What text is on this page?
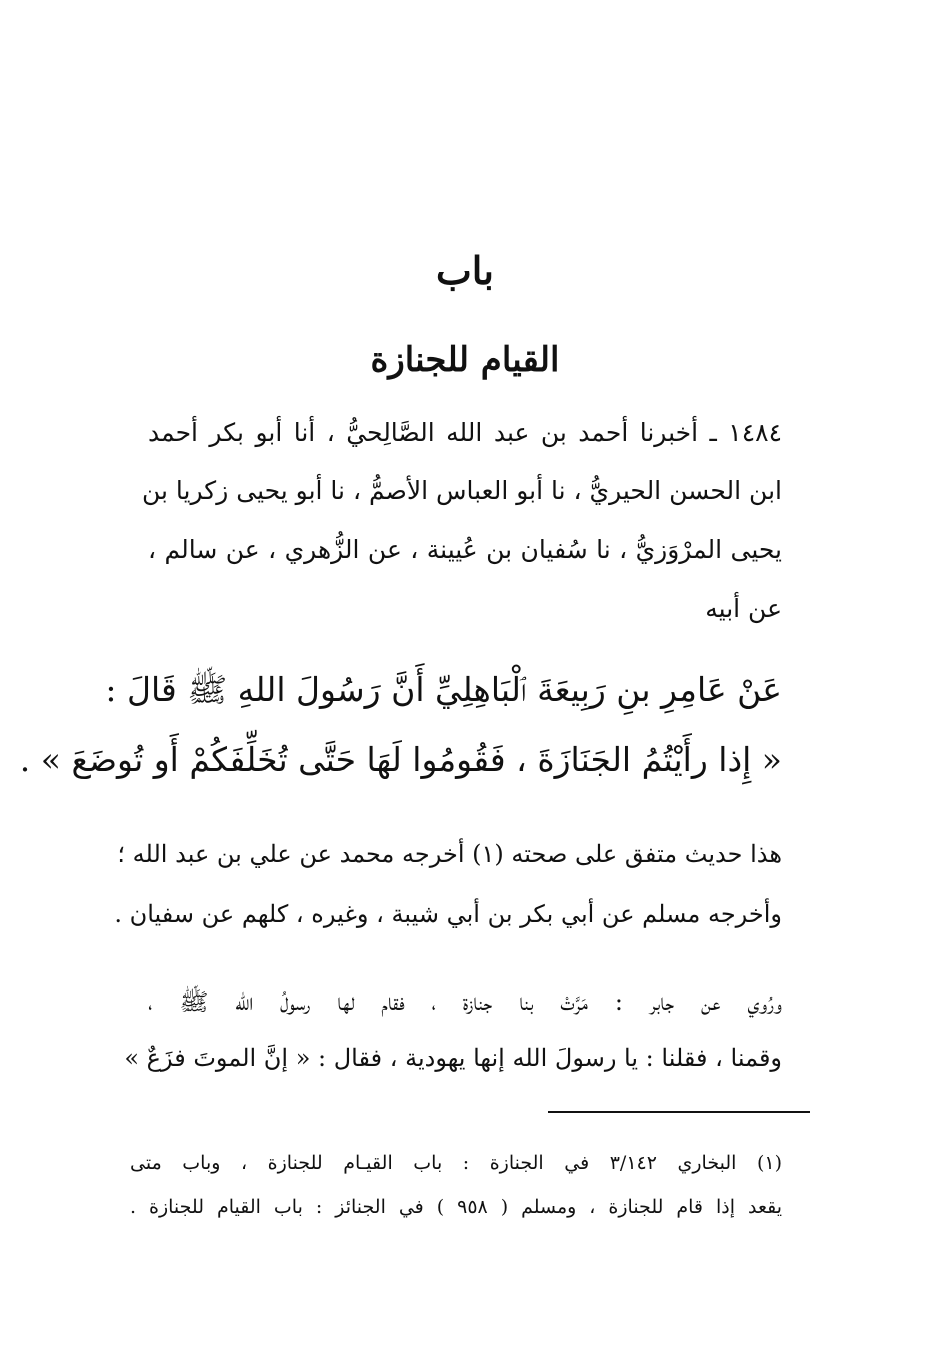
باب
القيام للجنازة
١٤٨٤ ـ أخبرنا أحمد بن عبد الله الصَّالِحيُّ ، أنا أبو بكر أحمد
ابن الحسن الحيريُّ ، نا أبو العباس الأصمُّ ، نا أبو يحيى زكريا بن
يحيى المرْوَزيُّ ، نا سُفيان بن عُيينة ، عن الزُّهري ، عن سالم ،
عن أبيه
عَنْ عَامِرِ بنِ رَبِيعَةَ ٱلْبَاهِلِيِّ أَنَّ رَسُولَ اللهِ ﷺ قَالَ :
« إِذا رأَيْتُمُ الجَنَازَةَ ، فَقُومُوا لَهَا حَتَّى تُخَلِّفَكُمْ أَو تُوضَعَ » .
هذا حديث متفق على صحته (١) أخرجه محمد عن علي بن عبد الله ؛
وأخرجه مسلم عن أبي بكر بن أبي شيبة ، وغيره ، كلهم عن سفيان .
ورُوي عن جابر : مَرَّتْ بنا جنازة ، فقام لها رسولُ الله ﷺ ،
وقمنا ، فقلنا : يا رسولَ الله إنها يهودية ، فقال : « إنَّ الموتَ فزَعٌ »
(١) البخاري ٣/١٤٢ في الجنازة : باب القيـام للجنازة ، وباب متى
يقعد إذا قام للجنازة ، ومسلم ( ٩٥٨ ) في الجنائز : باب القيام للجنازة .
